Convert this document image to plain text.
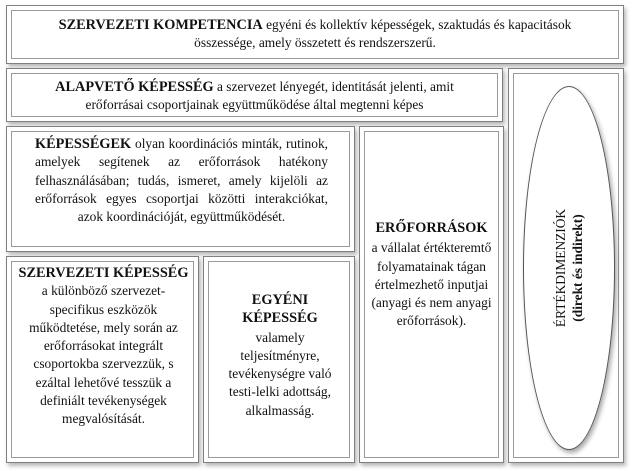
SZERVEZETI KOMPETENCIA egyéni és kollektív képességek, szaktudás és kapacitások
összessége, amely összetett és rendszerszerű.
ALAPVETŐ KÉPESSÉG a szervezet lényegét, identitását jelenti, amit
erőforrásai csoportjainak együttműködése által megtenni képes
KÉPESSÉGEK olyan koordinációs minták, rutinok, amelyek segítenek az erőforrások hatékony felhasználásában; tudás, ismeret, amely kijelöli az erőforrások egyes csoportjai közötti interakciókat, azok koordinációját, együttműködését.
ERŐFORRÁSOK
a vállalat értékteremtő folyamatainak tágan értelmezhető inputjai (anyagi és nem anyagi erőforrások).
SZERVEZETI KÉPESSÉG a különböző szervezet-specifikus eszközök működtetése, mely során az erőforrásokat integrált csoportokba szervezzük, s ezáltal lehetővé tesszük a definiált tevékenységek megvalósítását.
EGYÉNI KÉPESSÉG
valamely teljesítményre, tevékenységre való testi-lelki adottság, alkalmasság.
ÉRTÉKDIMENZIÓK (direkt és indirekt)
